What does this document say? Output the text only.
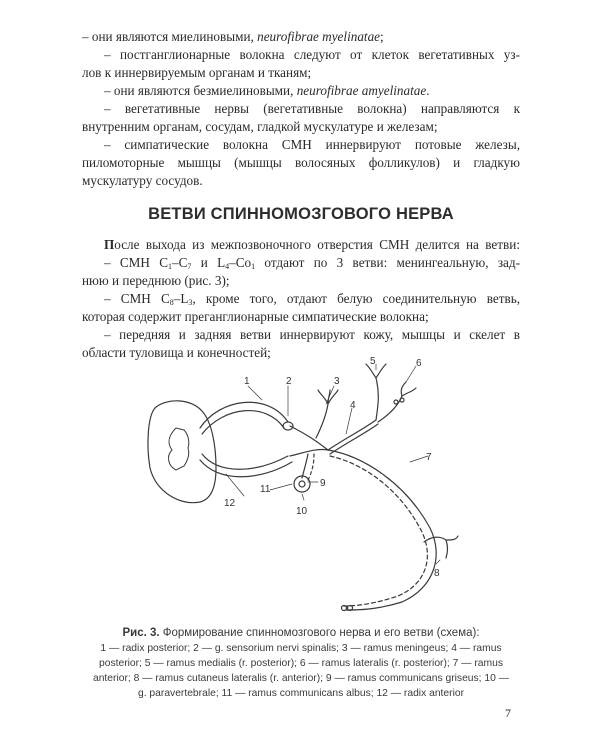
– они являются миелиновыми, neurofibrae myelinatae;
– постганглионарные волокна следуют от клеток вегетативных уз-
лов к иннервируемым органам и тканям;
– они являются безмиелиновыми, neurofibrae amyelinatae.
– вегетативные нервы (вегетативные волокна) направляются к
внутренним органам, сосудам, гладкой мускулатуре и железам;
– симпатические волокна СМН иннервируют потовые железы,
пиломоторные мышцы (мышцы волосяных фолликулов) и гладкую
мускулатуру сосудов.
ВЕТВИ СПИННОМОЗГОВОГО НЕРВА
После выхода из межпозвоночного отверстия СМН делится на ветви:
– СМН $С_1-С_7$ и $L_4-Co_1$ отдают по 3 ветви: менингеальную, зад-
нюю и переднюю (рис. 3);
– СМН $С_8-L_3$, кроме того, отдают белую соединительную ветвь,
которая содержит преганглионарные симпатические волокна;
– передняя и задняя ветви иннервируют кожу, мышцы и скелет в
области туловища и конечностей;
1	2	3
4
5	6
7
8
9
10
11
12
Рис. 3. Формирование спинномозгового нерва и его ветви (схема):
1 — radix posterior; 2 — g. sensorium nervi spinalis; 3 — ramus meningeus; 4 — ramus
posterior; 5 — ramus medialis (r. posterior); 6 — ramus lateralis (r. posterior); 7 — ramus
anterior; 8 — ramus cutaneus lateralis (r. anterior); 9 — ramus communicans griseus; 10 —
g. paravertebrale; 11 — ramus communicans albus; 12 — radix anterior
7
